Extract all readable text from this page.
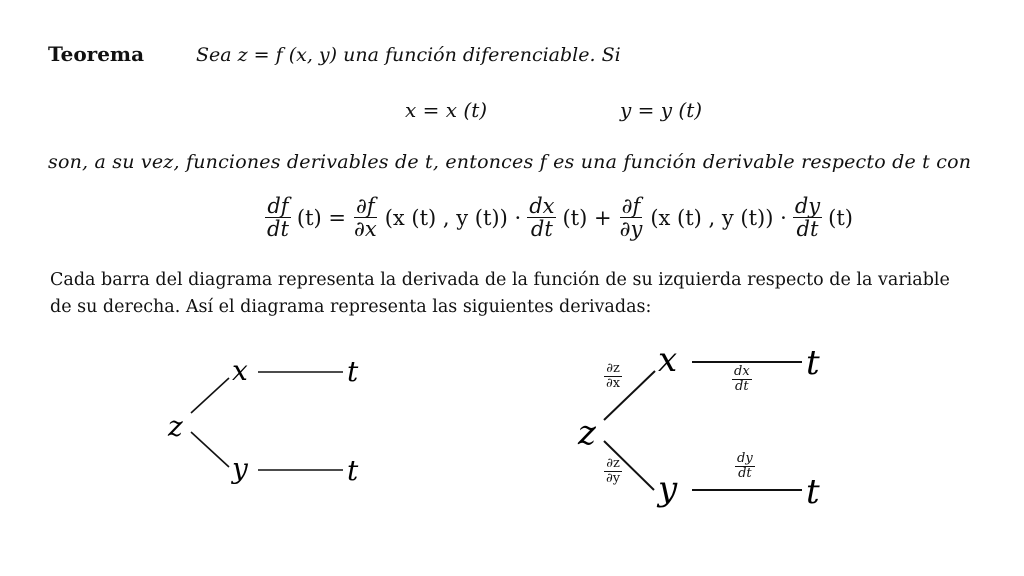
Teorema	Sea z = f (x, y) una función diferenciable. Si
x = x (t)	y = y (t)
son, a su vez, funciones derivables de t, entonces f es una función derivable respecto de t con
$\frac{df}{dt} (t) = \frac{\partial f}{\partial x} (x$ (t) , y $(t)) \cdot \frac{dx}{dt} (t) + \frac{\partial f}{\partial y} (x$ (t) , y $(t)) \cdot \frac{dy}{dt} (t)$
Cada barra del diagrama representa la derivada de la función de su izquierda respecto de la variable
de su derecha. Así el diagrama representa las siguientes derivadas:
z
x
y
t
t
z
x
y
t
t
$\frac{\partial z}{\partial x}$
$\frac{\partial z}{\partial y}$
$\frac{dx}{dt}$
$\frac{dy}{dt}$
